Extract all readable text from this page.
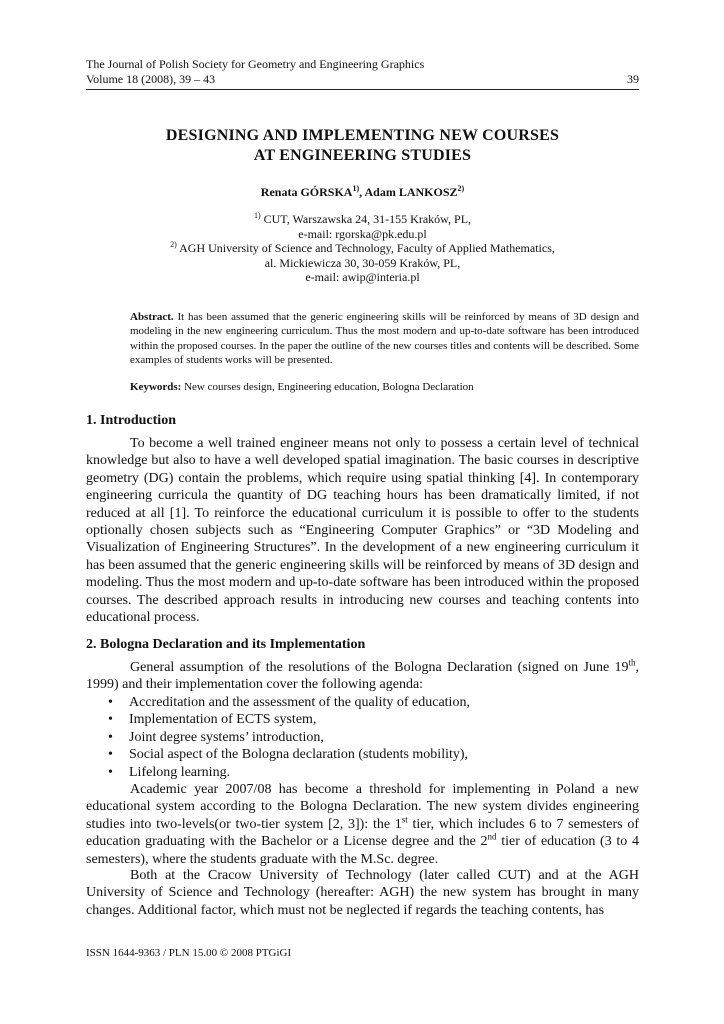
The Journal of Polish Society for Geometry and Engineering Graphics
Volume 18 (2008), 39 – 43	39
DESIGNING AND IMPLEMENTING NEW COURSES
AT ENGINEERING STUDIES
Renata GÓRSKA$^{1)}$, Adam LANKOSZ$^{2)}$
$^{1)}$ CUT, Warszawska 24, 31-155 Kraków, PL,
e-mail: rgorska@pk.edu.pl
$^{2)}$ AGH University of Science and Technology, Faculty of Applied Mathematics,
al. Mickiewicza 30, 30-059 Kraków, PL,
e-mail: awip@interia.pl
Abstract. It has been assumed that the generic engineering skills will be reinforced by means of 3D design and modeling in the new engineering curriculum. Thus the most modern and up-to-date software has been introduced within the proposed courses. In the paper the outline of the new courses titles and contents will be described. Some examples of students works will be presented.
Keywords: New courses design, Engineering education, Bologna Declaration
1. Introduction
To become a well trained engineer means not only to possess a certain level of technical knowledge but also to have a well developed spatial imagination. The basic courses in descriptive geometry (DG) contain the problems, which require using spatial thinking [4]. In contemporary engineering curricula the quantity of DG teaching hours has been dramatically limited, if not reduced at all [1]. To reinforce the educational curriculum it is possible to offer to the students optionally chosen subjects such as “Engineering Computer Graphics” or “3D Modeling and Visualization of Engineering Structures”. In the development of a new engineering curriculum it has been assumed that the generic engineering skills will be reinforced by means of 3D design and modeling. Thus the most modern and up-to-date software has been introduced within the proposed courses. The described approach results in introducing new courses and teaching contents into educational process.
2. Bologna Declaration and its Implementation
General assumption of the resolutions of the Bologna Declaration (signed on June 19th, 1999) and their implementation cover the following agenda:
• Accreditation and the assessment of the quality of education,
• Implementation of ECTS system,
• Joint degree systems’ introduction,
• Social aspect of the Bologna declaration (students mobility),
• Lifelong learning.
Academic year 2007/08 has become a threshold for implementing in Poland a new educational system according to the Bologna Declaration. The new system divides engineering studies into two-levels(or two-tier system [2, 3]): the 1st tier, which includes 6 to 7 semesters of education graduating with the Bachelor or a License degree and the 2nd tier of education (3 to 4 semesters), where the students graduate with the M.Sc. degree.
Both at the Cracow University of Technology (later called CUT) and at the AGH University of Science and Technology (hereafter: AGH) the new system has brought in many changes. Additional factor, which must not be neglected if regards the teaching contents, has
ISSN 1644-9363 / PLN 15.00 © 2008 PTGiGI
